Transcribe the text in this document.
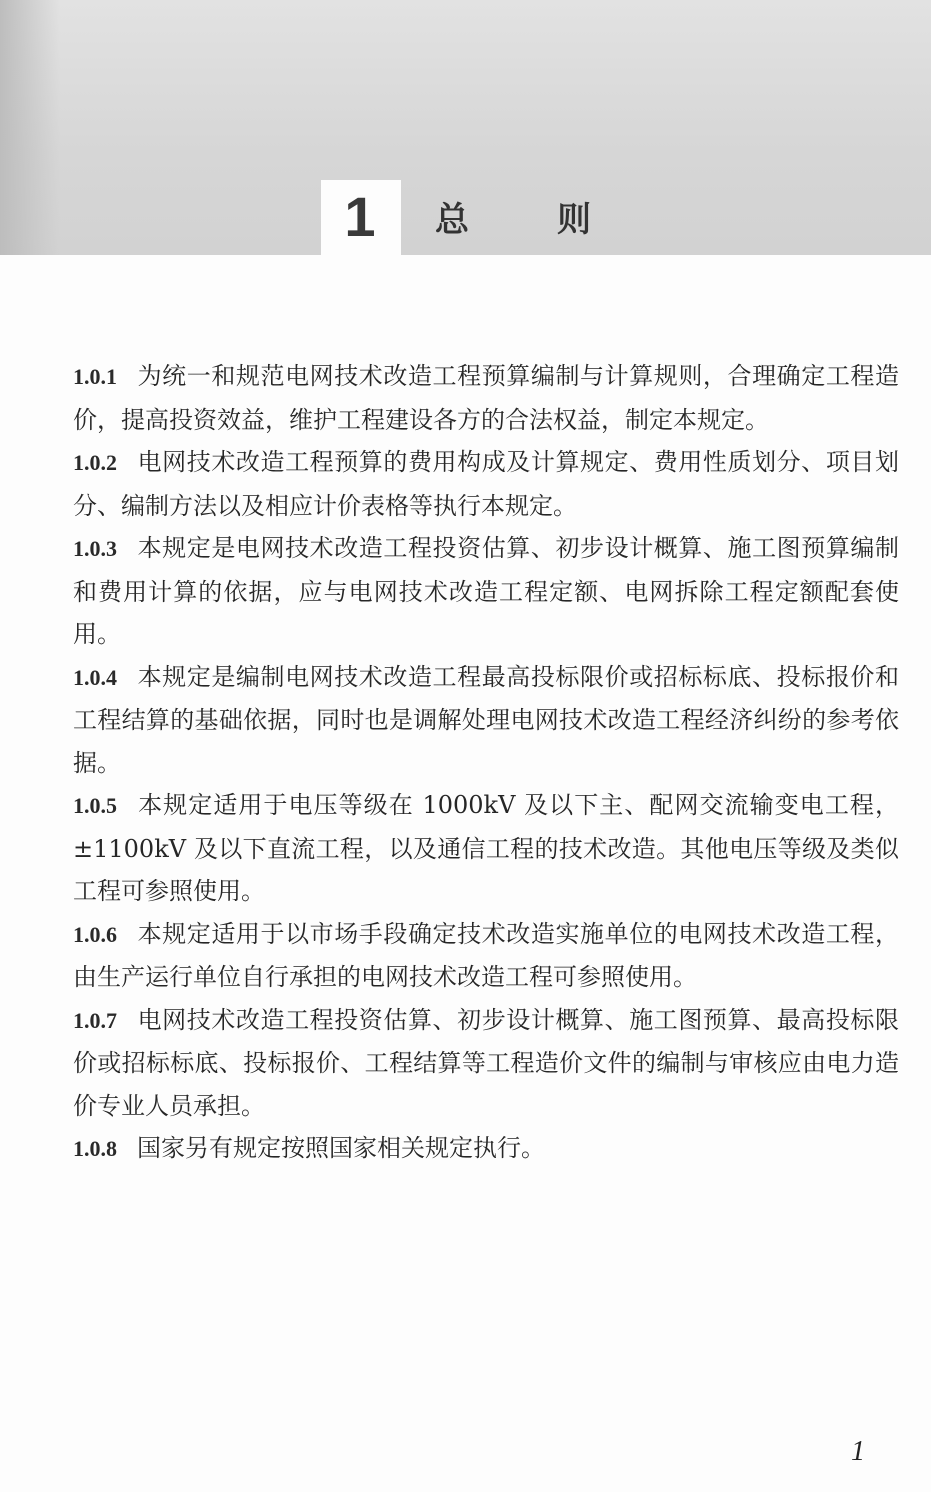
1	总则

1.0.1 为统一和规范电网技术改造工程预算编制与计算规则，合理确定工程造价，提高投资效益，维护工程建设各方的合法权益，制定本规定。

1.0.2 电网技术改造工程预算的费用构成及计算规定、费用性质划分、项目划分、编制方法以及相应计价表格等执行本规定。

1.0.3 本规定是电网技术改造工程投资估算、初步设计概算、施工图预算编制和费用计算的依据，应与电网技术改造工程定额、电网拆除工程定额配套使用。

1.0.4 本规定是编制电网技术改造工程最高投标限价或招标标底、投标报价和工程结算的基础依据，同时也是调解处理电网技术改造工程经济纠纷的参考依据。

1.0.5 本规定适用于电压等级在 1000kV 及以下主、配网交流输变电工程，±1100kV 及以下直流工程，以及通信工程的技术改造。其他电压等级及类似工程可参照使用。

1.0.6 本规定适用于以市场手段确定技术改造实施单位的电网技术改造工程，由生产运行单位自行承担的电网技术改造工程可参照使用。

1.0.7 电网技术改造工程投资估算、初步设计概算、施工图预算、最高投标限价或招标标底、投标报价、工程结算等工程造价文件的编制与审核应由电力造价专业人员承担。

1.0.8 国家另有规定按照国家相关规定执行。

1
